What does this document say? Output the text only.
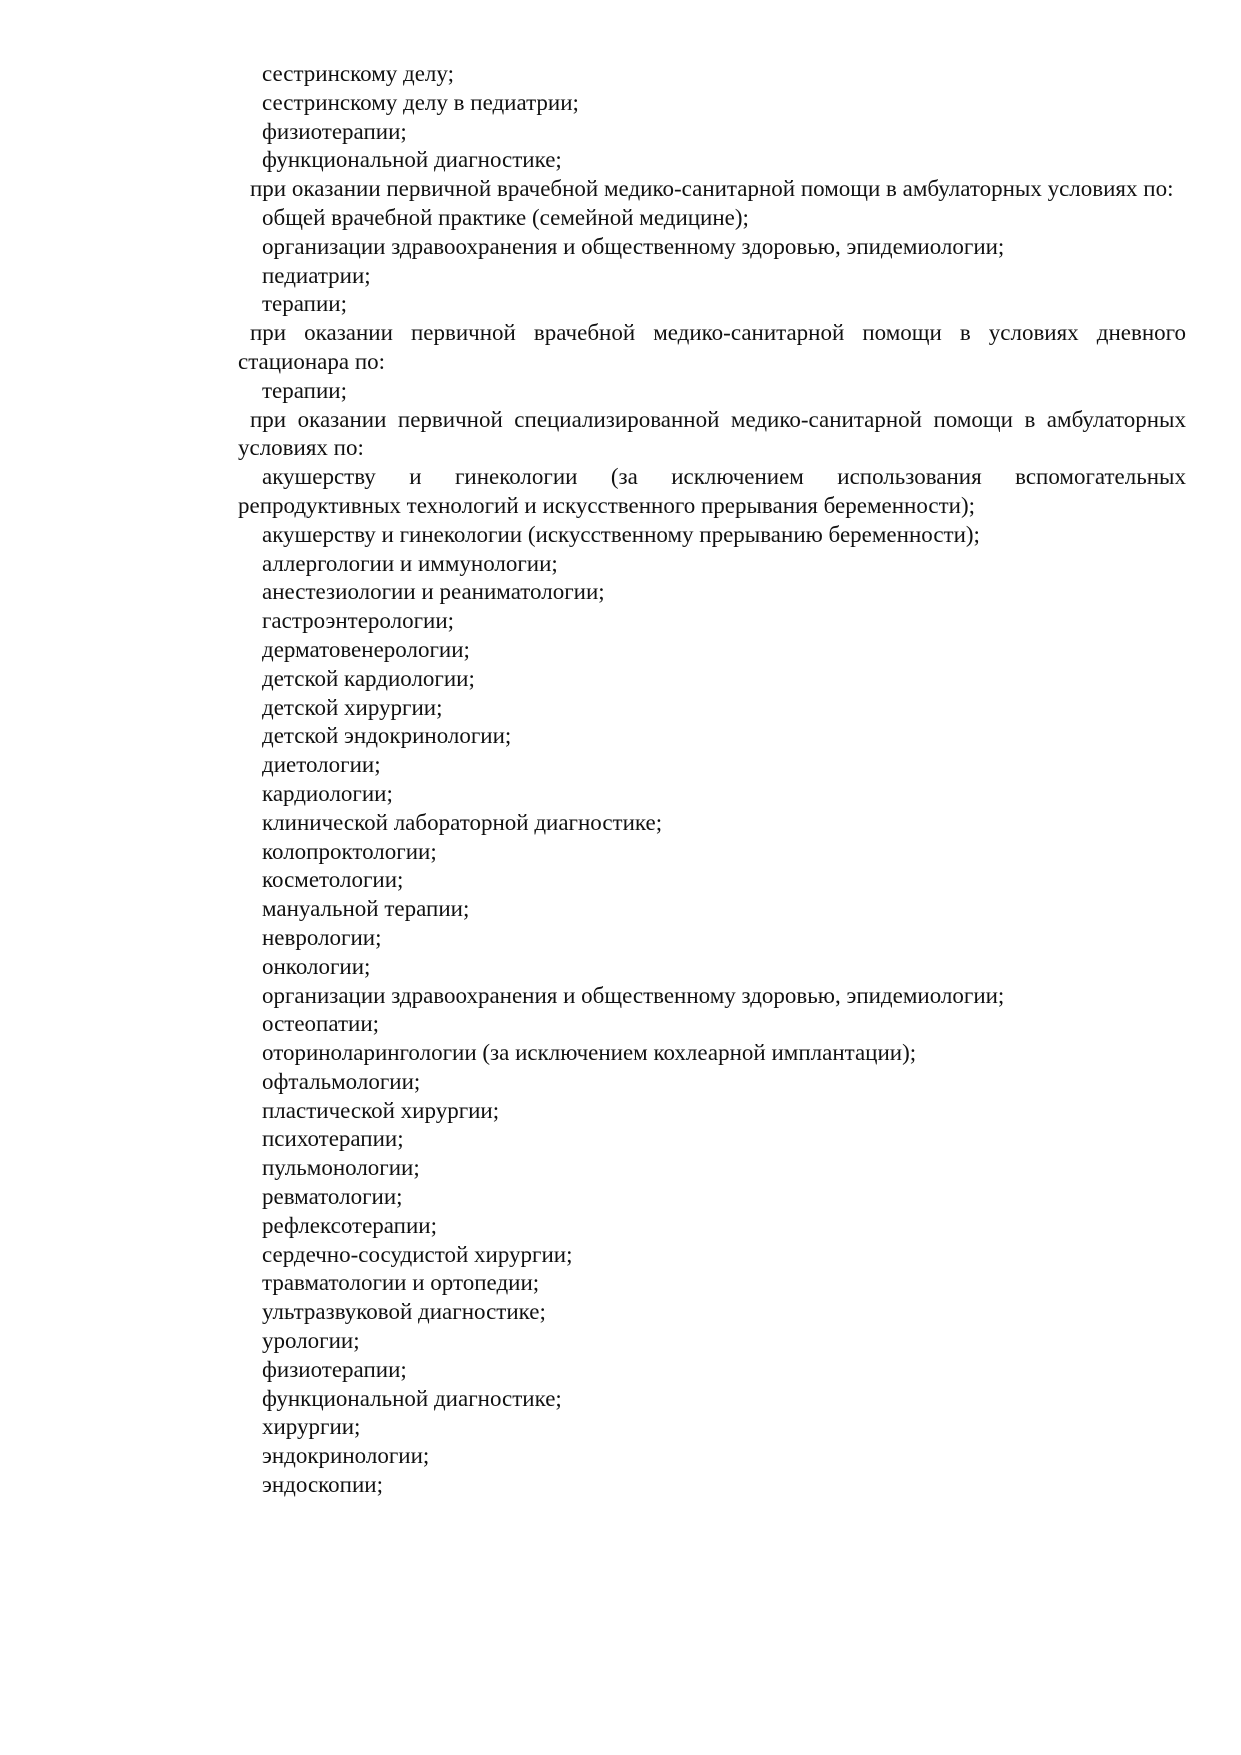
сестринскому делу;

сестринскому делу в педиатрии;

физиотерапии;

функциональной диагностике;

при оказании первичной врачебной медико-санитарной помощи в амбулаторных условиях по:

общей врачебной практике (семейной медицине);

организации здравоохранения и общественному здоровью, эпидемиологии;

педиатрии;

терапии;

при оказании первичной врачебной медико-санитарной помощи в условиях дневного стационара по:

терапии;

при оказании первичной специализированной медико-санитарной помощи в амбулаторных условиях по:

акушерству и гинекологии (за исключением использования вспомогательных репродуктивных технологий и искусственного прерывания беременности);

акушерству и гинекологии (искусственному прерыванию беременности);

аллергологии и иммунологии;

анестезиологии и реаниматологии;

гастроэнтерологии;

дерматовенерологии;

детской кардиологии;

детской хирургии;

детской эндокринологии;

диетологии;

кардиологии;

клинической лабораторной диагностике;

колопроктологии;

косметологии;

мануальной терапии;

неврологии;

онкологии;

организации здравоохранения и общественному здоровью, эпидемиологии;

остеопатии;

оториноларингологии (за исключением кохлеарной имплантации);

офтальмологии;

пластической хирургии;

психотерапии;

пульмонологии;

ревматологии;

рефлексотерапии;

сердечно-сосудистой хирургии;

травматологии и ортопедии;

ультразвуковой диагностике;

урологии;

физиотерапии;

функциональной диагностике;

хирургии;

эндокринологии;

эндоскопии;
